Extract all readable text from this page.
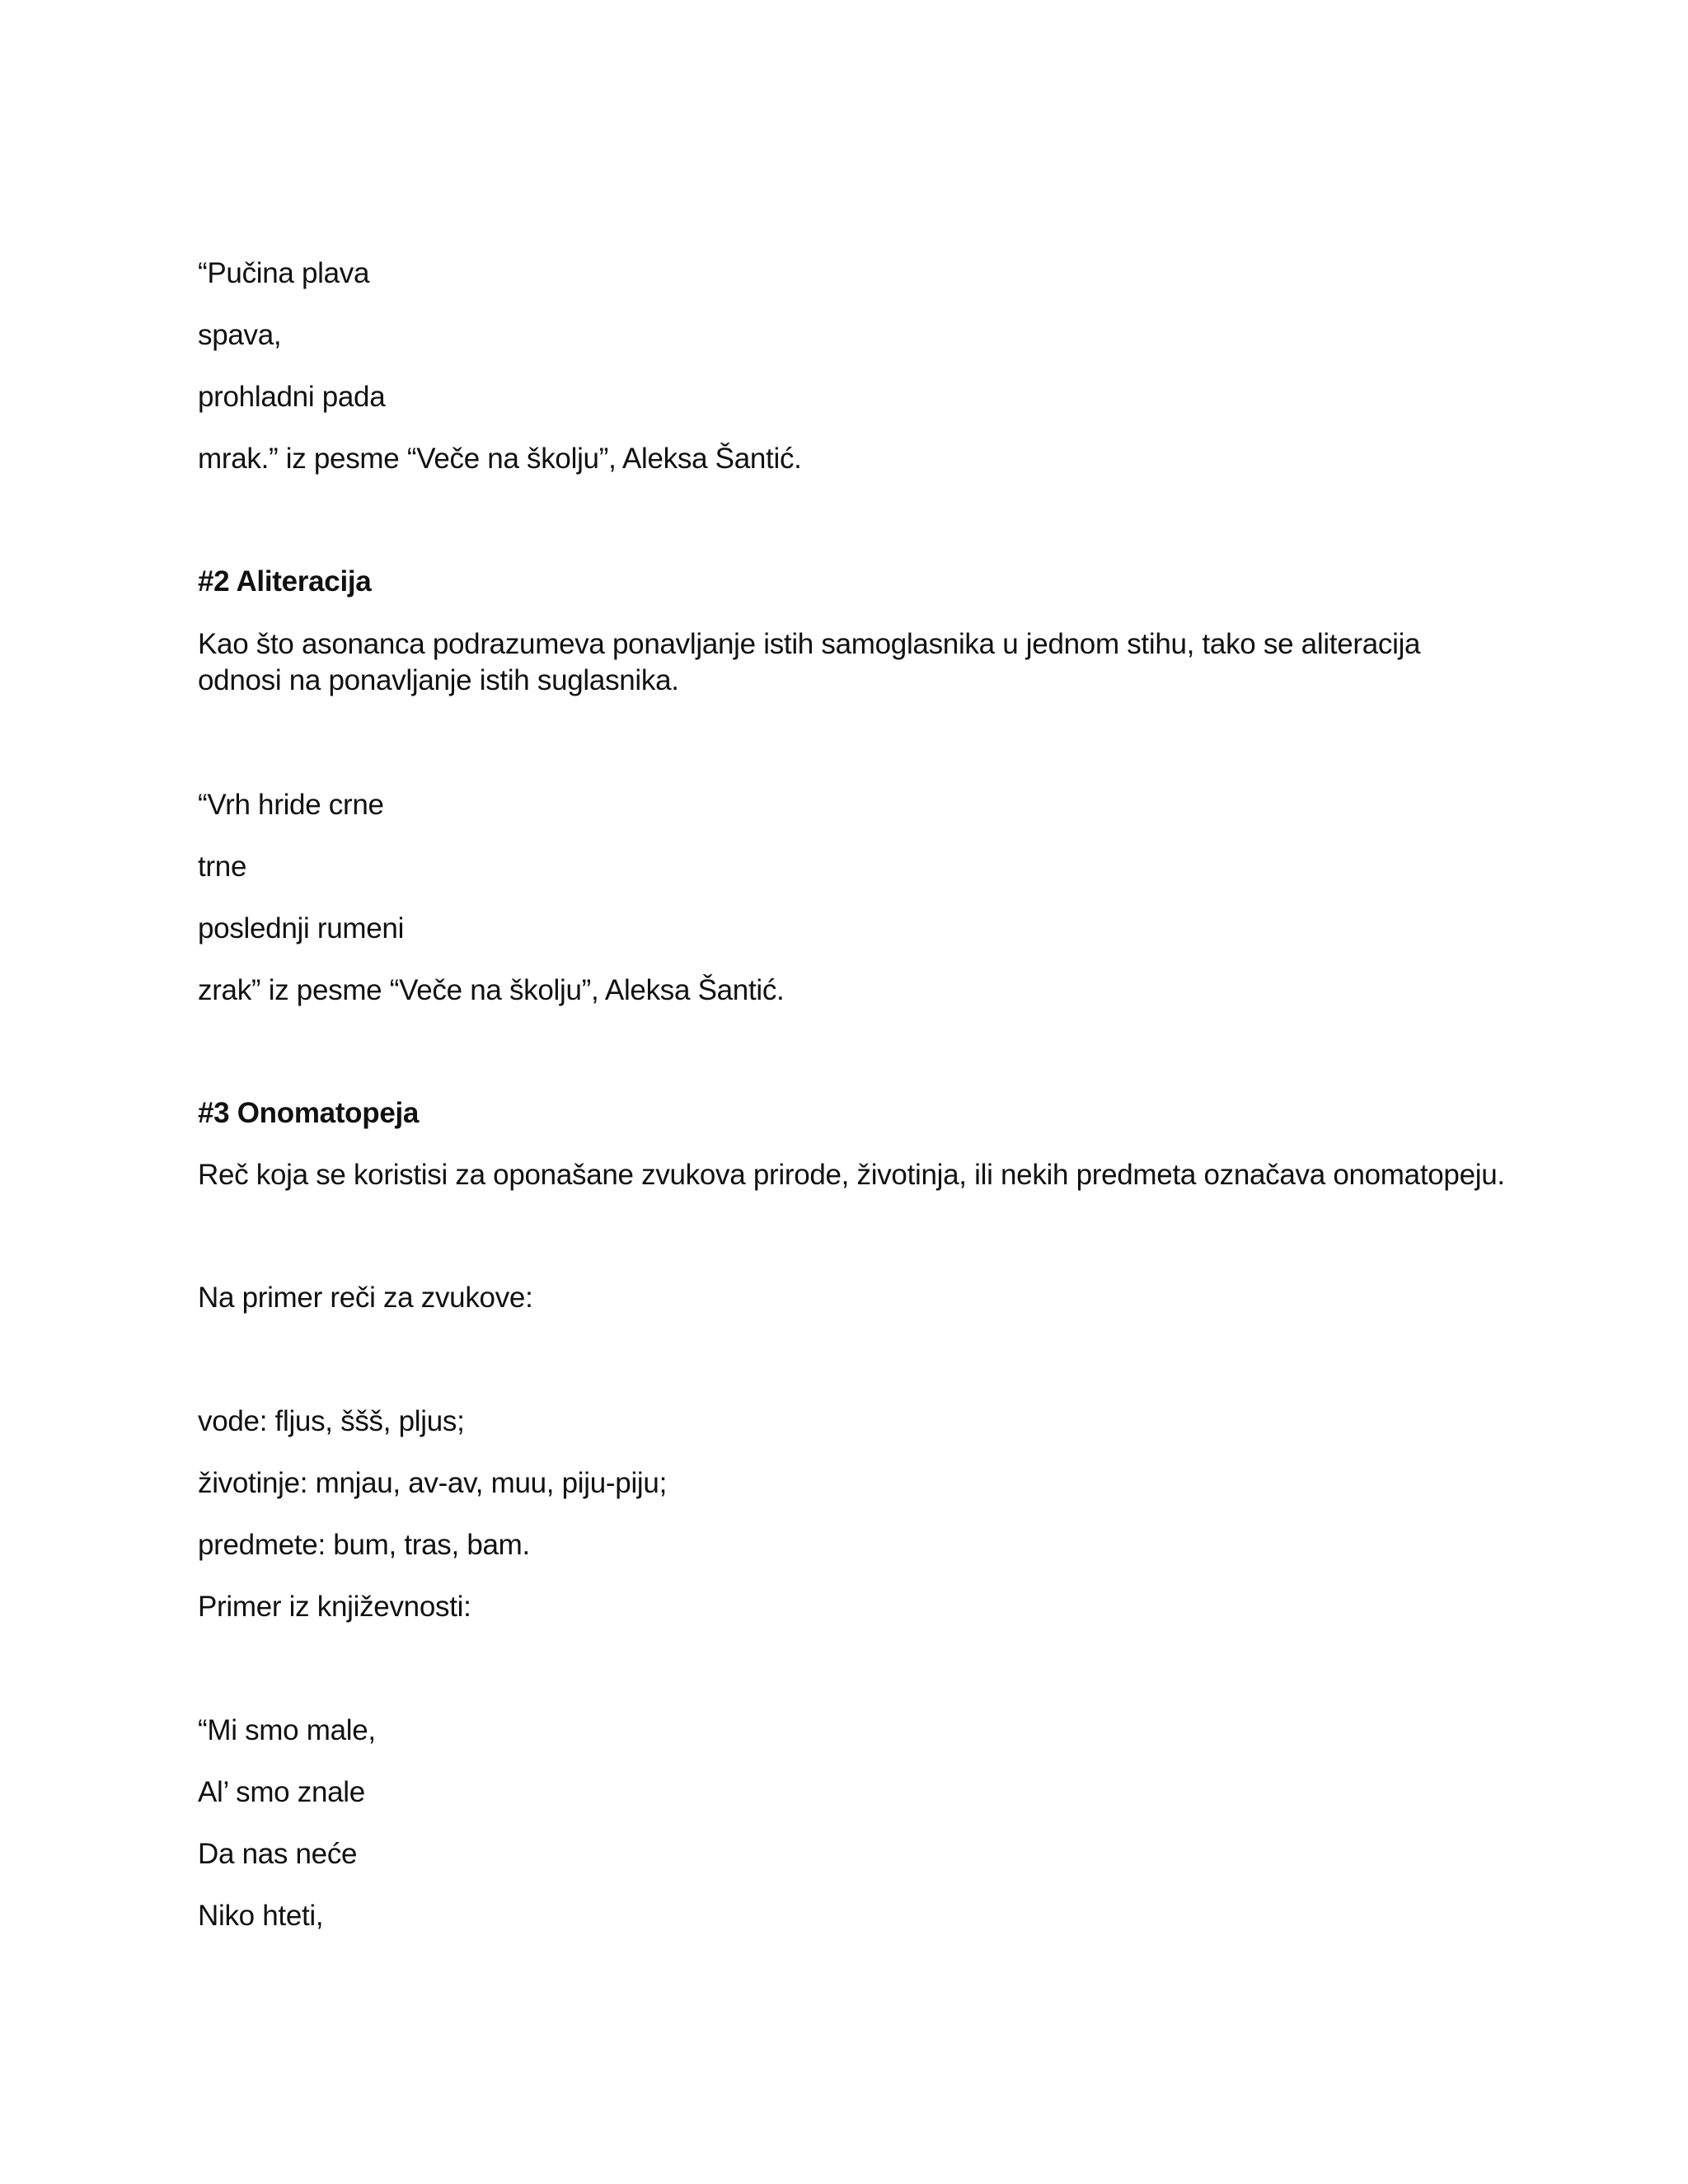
“Pučina plava
spava,
prohladni pada
mrak.” iz pesme “Veče na školju”, Aleksa Šantić.
#2 Aliteracija
Kao što asonanca podrazumeva ponavljanje istih samoglasnika u jednom stihu, tako se aliteracija odnosi na ponavljanje istih suglasnika.
“Vrh hride crne
trne
poslednji rumeni
zrak” iz pesme “Veče na školju”, Aleksa Šantić.
#3 Onomatopeja
Reč koja se koristisi za oponašane zvukova prirode, životinja, ili nekih predmeta označava onomatopeju.
Na primer reči za zvukove:
vode: fljus, ššš, pljus;
životinje: mnjau, av-av, muu, piju-piju;
predmete: bum, tras, bam.
Primer iz književnosti:
“Mi smo male,
Al’ smo znale
Da nas neće
Niko hteti,
